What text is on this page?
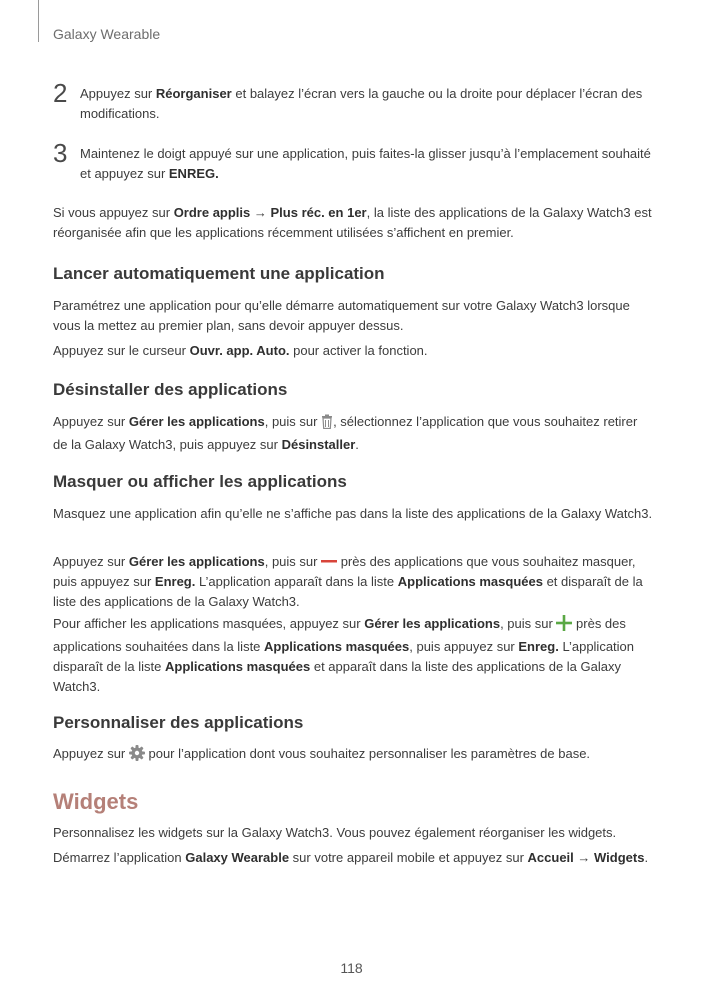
Galaxy Wearable
2 Appuyez sur Réorganiser et balayez l’écran vers la gauche ou la droite pour déplacer l’écran des modifications.
3 Maintenez le doigt appuyé sur une application, puis faites-la glisser jusqu’à l’emplacement souhaité et appuyez sur ENREG.

Si vous appuyez sur Ordre applis → Plus réc. en 1er, la liste des applications de la Galaxy Watch3 est réorganisée afin que les applications récemment utilisées s’affichent en premier.

Lancer automatiquement une application

Paramétrez une application pour qu’elle démarre automatiquement sur votre Galaxy Watch3 lorsque vous la mettez au premier plan, sans devoir appuyer dessus.

Appuyez sur le curseur Ouvr. app. Auto. pour activer la fonction.

Désinstaller des applications

Appuyez sur Gérer les applications, puis sur , sélectionnez l’application que vous souhaitez retirer de la Galaxy Watch3, puis appuyez sur Désinstaller.

Masquer ou afficher les applications

Masquez une application afin qu’elle ne s’affiche pas dans la liste des applications de la Galaxy Watch3.

Appuyez sur Gérer les applications, puis sur  près des applications que vous souhaitez masquer, puis appuyez sur Enreg. L’application apparaît dans la liste Applications masquées et disparaît de la liste des applications de la Galaxy Watch3.

Pour afficher les applications masquées, appuyez sur Gérer les applications, puis sur  près des applications souhaitées dans la liste Applications masquées, puis appuyez sur Enreg. L’application disparaît de la liste Applications masquées et apparaît dans la liste des applications de la Galaxy Watch3.

Personnaliser des applications

Appuyez sur  pour l’application dont vous souhaitez personnaliser les paramètres de base.

Widgets

Personnalisez les widgets sur la Galaxy Watch3. Vous pouvez également réorganiser les widgets.

Démarrez l’application Galaxy Wearable sur votre appareil mobile et appuyez sur Accueil → Widgets.

118
